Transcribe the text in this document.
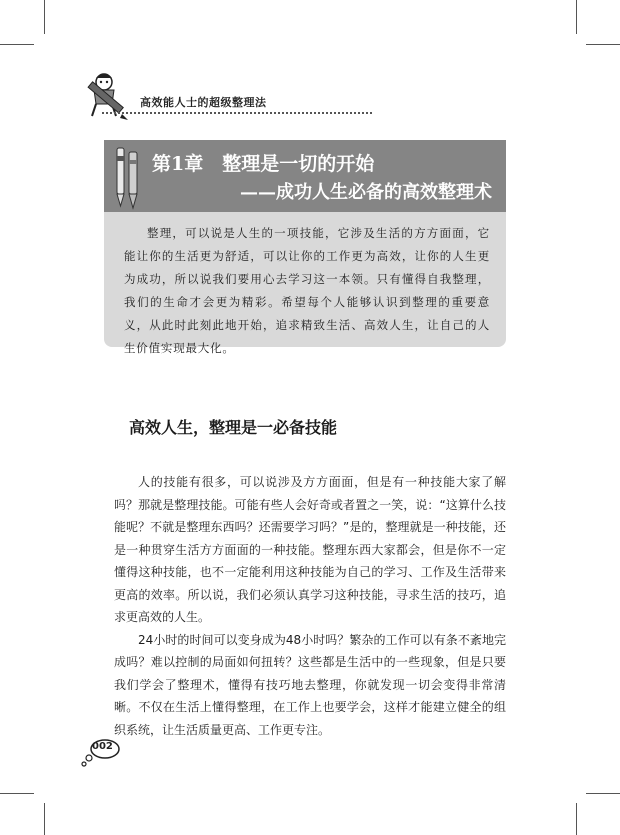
高效能人士的超级整理法
第1章　整理是一切的开始
——成功人生必备的高效整理术
整理，可以说是人生的一项技能，它涉及生活的方方面面，它能让你的生活更为舒适，可以让你的工作更为高效，让你的人生更为成功，所以说我们要用心去学习这一本领。只有懂得自我整理，我们的生命才会更为精彩。希望每个人能够认识到整理的重要意义，从此时此刻此地开始，追求精致生活、高效人生，让自己的人生价值实现最大化。
高效人生，整理是一必备技能

人的技能有很多，可以说涉及方方面面，但是有一种技能大家了解吗？那就是整理技能。可能有些人会好奇或者置之一笑，说：“这算什么技能呢？不就是整理东西吗？还需要学习吗？”是的，整理就是一种技能，还是一种贯穿生活方方面面的一种技能。整理东西大家都会，但是你不一定懂得这种技能，也不一定能利用这种技能为自己的学习、工作及生活带来更高的效率。所以说，我们必须认真学习这种技能，寻求生活的技巧，追求更高效的人生。

24小时的时间可以变身成为48小时吗？繁杂的工作可以有条不紊地完成吗？难以控制的局面如何扭转？这些都是生活中的一些现象，但是只要我们学会了整理术，懂得有技巧地去整理，你就发现一切会变得非常清晰。不仅在生活上懂得整理，在工作上也要学会，这样才能建立健全的组织系统，让生活质量更高、工作更专注。

002
